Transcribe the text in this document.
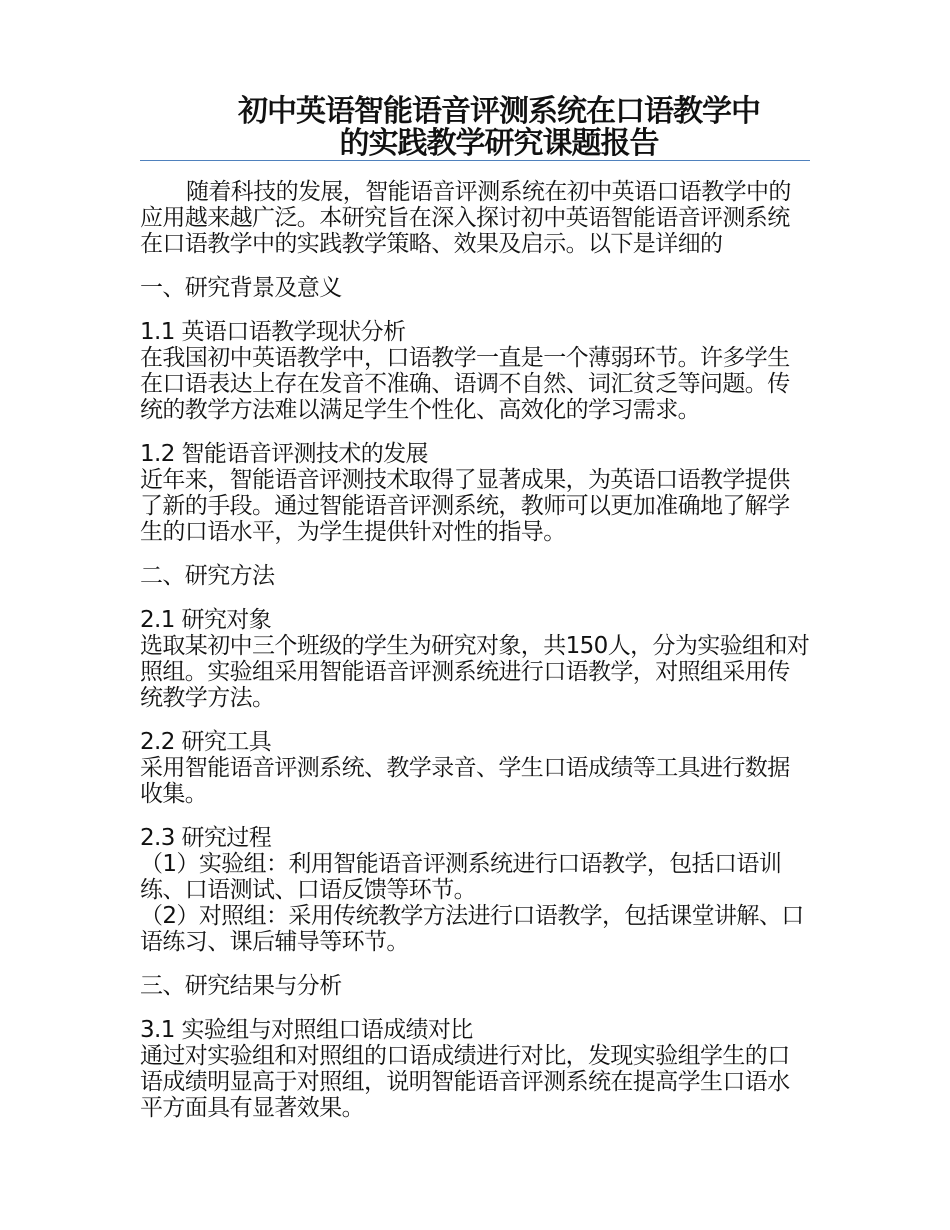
初中英语智能语音评测系统在口语教学中
的实践教学研究课题报告

随着科技的发展，智能语音评测系统在初中英语口语教学中的应用越来越广泛。本研究旨在深入探讨初中英语智能语音评测系统在口语教学中的实践教学策略、效果及启示。以下是详细的

一、研究背景及意义

1.1 英语口语教学现状分析

在我国初中英语教学中，口语教学一直是一个薄弱环节。许多学生在口语表达上存在发音不准确、语调不自然、词汇贫乏等问题。传统的教学方法难以满足学生个性化、高效化的学习需求。

1.2 智能语音评测技术的发展

近年来，智能语音评测技术取得了显著成果，为英语口语教学提供了新的手段。通过智能语音评测系统，教师可以更加准确地了解学生的口语水平，为学生提供针对性的指导。

二、研究方法

2.1 研究对象

选取某初中三个班级的学生为研究对象，共150人，分为实验组和对照组。实验组采用智能语音评测系统进行口语教学，对照组采用传统教学方法。

2.2 研究工具

采用智能语音评测系统、教学录音、学生口语成绩等工具进行数据收集。

2.3 研究过程

（1）实验组：利用智能语音评测系统进行口语教学，包括口语训练、口语测试、口语反馈等环节。

（2）对照组：采用传统教学方法进行口语教学，包括课堂讲解、口语练习、课后辅导等环节。

三、研究结果与分析

3.1 实验组与对照组口语成绩对比

通过对实验组和对照组的口语成绩进行对比，发现实验组学生的口语成绩明显高于对照组，说明智能语音评测系统在提高学生口语水平方面具有显著效果。
